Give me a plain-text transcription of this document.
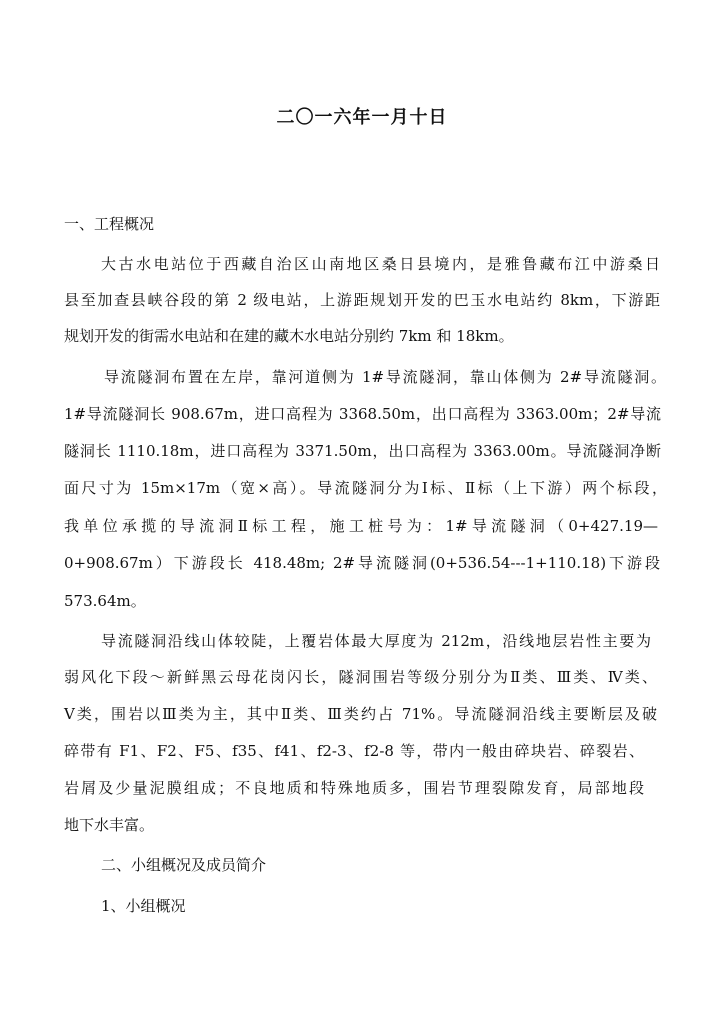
二〇一六年一月十日
一、工程概况
大古水电站位于西藏自治区山南地区桑日县境内，是雅鲁藏布江中游桑日
县至加查县峡谷段的第 2 级电站，上游距规划开发的巴玉水电站约 8km，下游距
规划开发的街需水电站和在建的藏木水电站分别约 7km 和 18km。
导流隧洞布置在左岸，靠河道侧为 1#导流隧洞，靠山体侧为 2#导流隧洞。
1#导流隧洞长 908.67m，进口高程为 3368.50m，出口高程为 3363.00m；2#导流
隧洞长 1110.18m，进口高程为 3371.50m，出口高程为 3363.00m。导流隧洞净断
面尺寸为 15m×17m（宽×高）。导流隧洞分为Ⅰ标、Ⅱ标（上下游）两个标段，
我单位承揽的导流洞Ⅱ标工程，施工桩号为：1#导流隧洞（0+427.19—
0+908.67m）下游段长 418.48m; 2#导流隧洞(0+536.54---1+110.18)下游段
573.64m。
导流隧洞沿线山体较陡，上覆岩体最大厚度为 212m，沿线地层岩性主要为
弱风化下段～新鲜黑云母花岗闪长，隧洞围岩等级分别分为Ⅱ类、Ⅲ类、Ⅳ类、
Ⅴ类，围岩以Ⅲ类为主，其中Ⅱ类、Ⅲ类约占 71%。导流隧洞沿线主要断层及破
碎带有 F1、F2、F5、f35、f41、f2-3、f2-8 等，带内一般由碎块岩、碎裂岩、
岩屑及少量泥膜组成；不良地质和特殊地质多，围岩节理裂隙发育，局部地段
地下水丰富。
二、小组概况及成员简介
1、小组概况
